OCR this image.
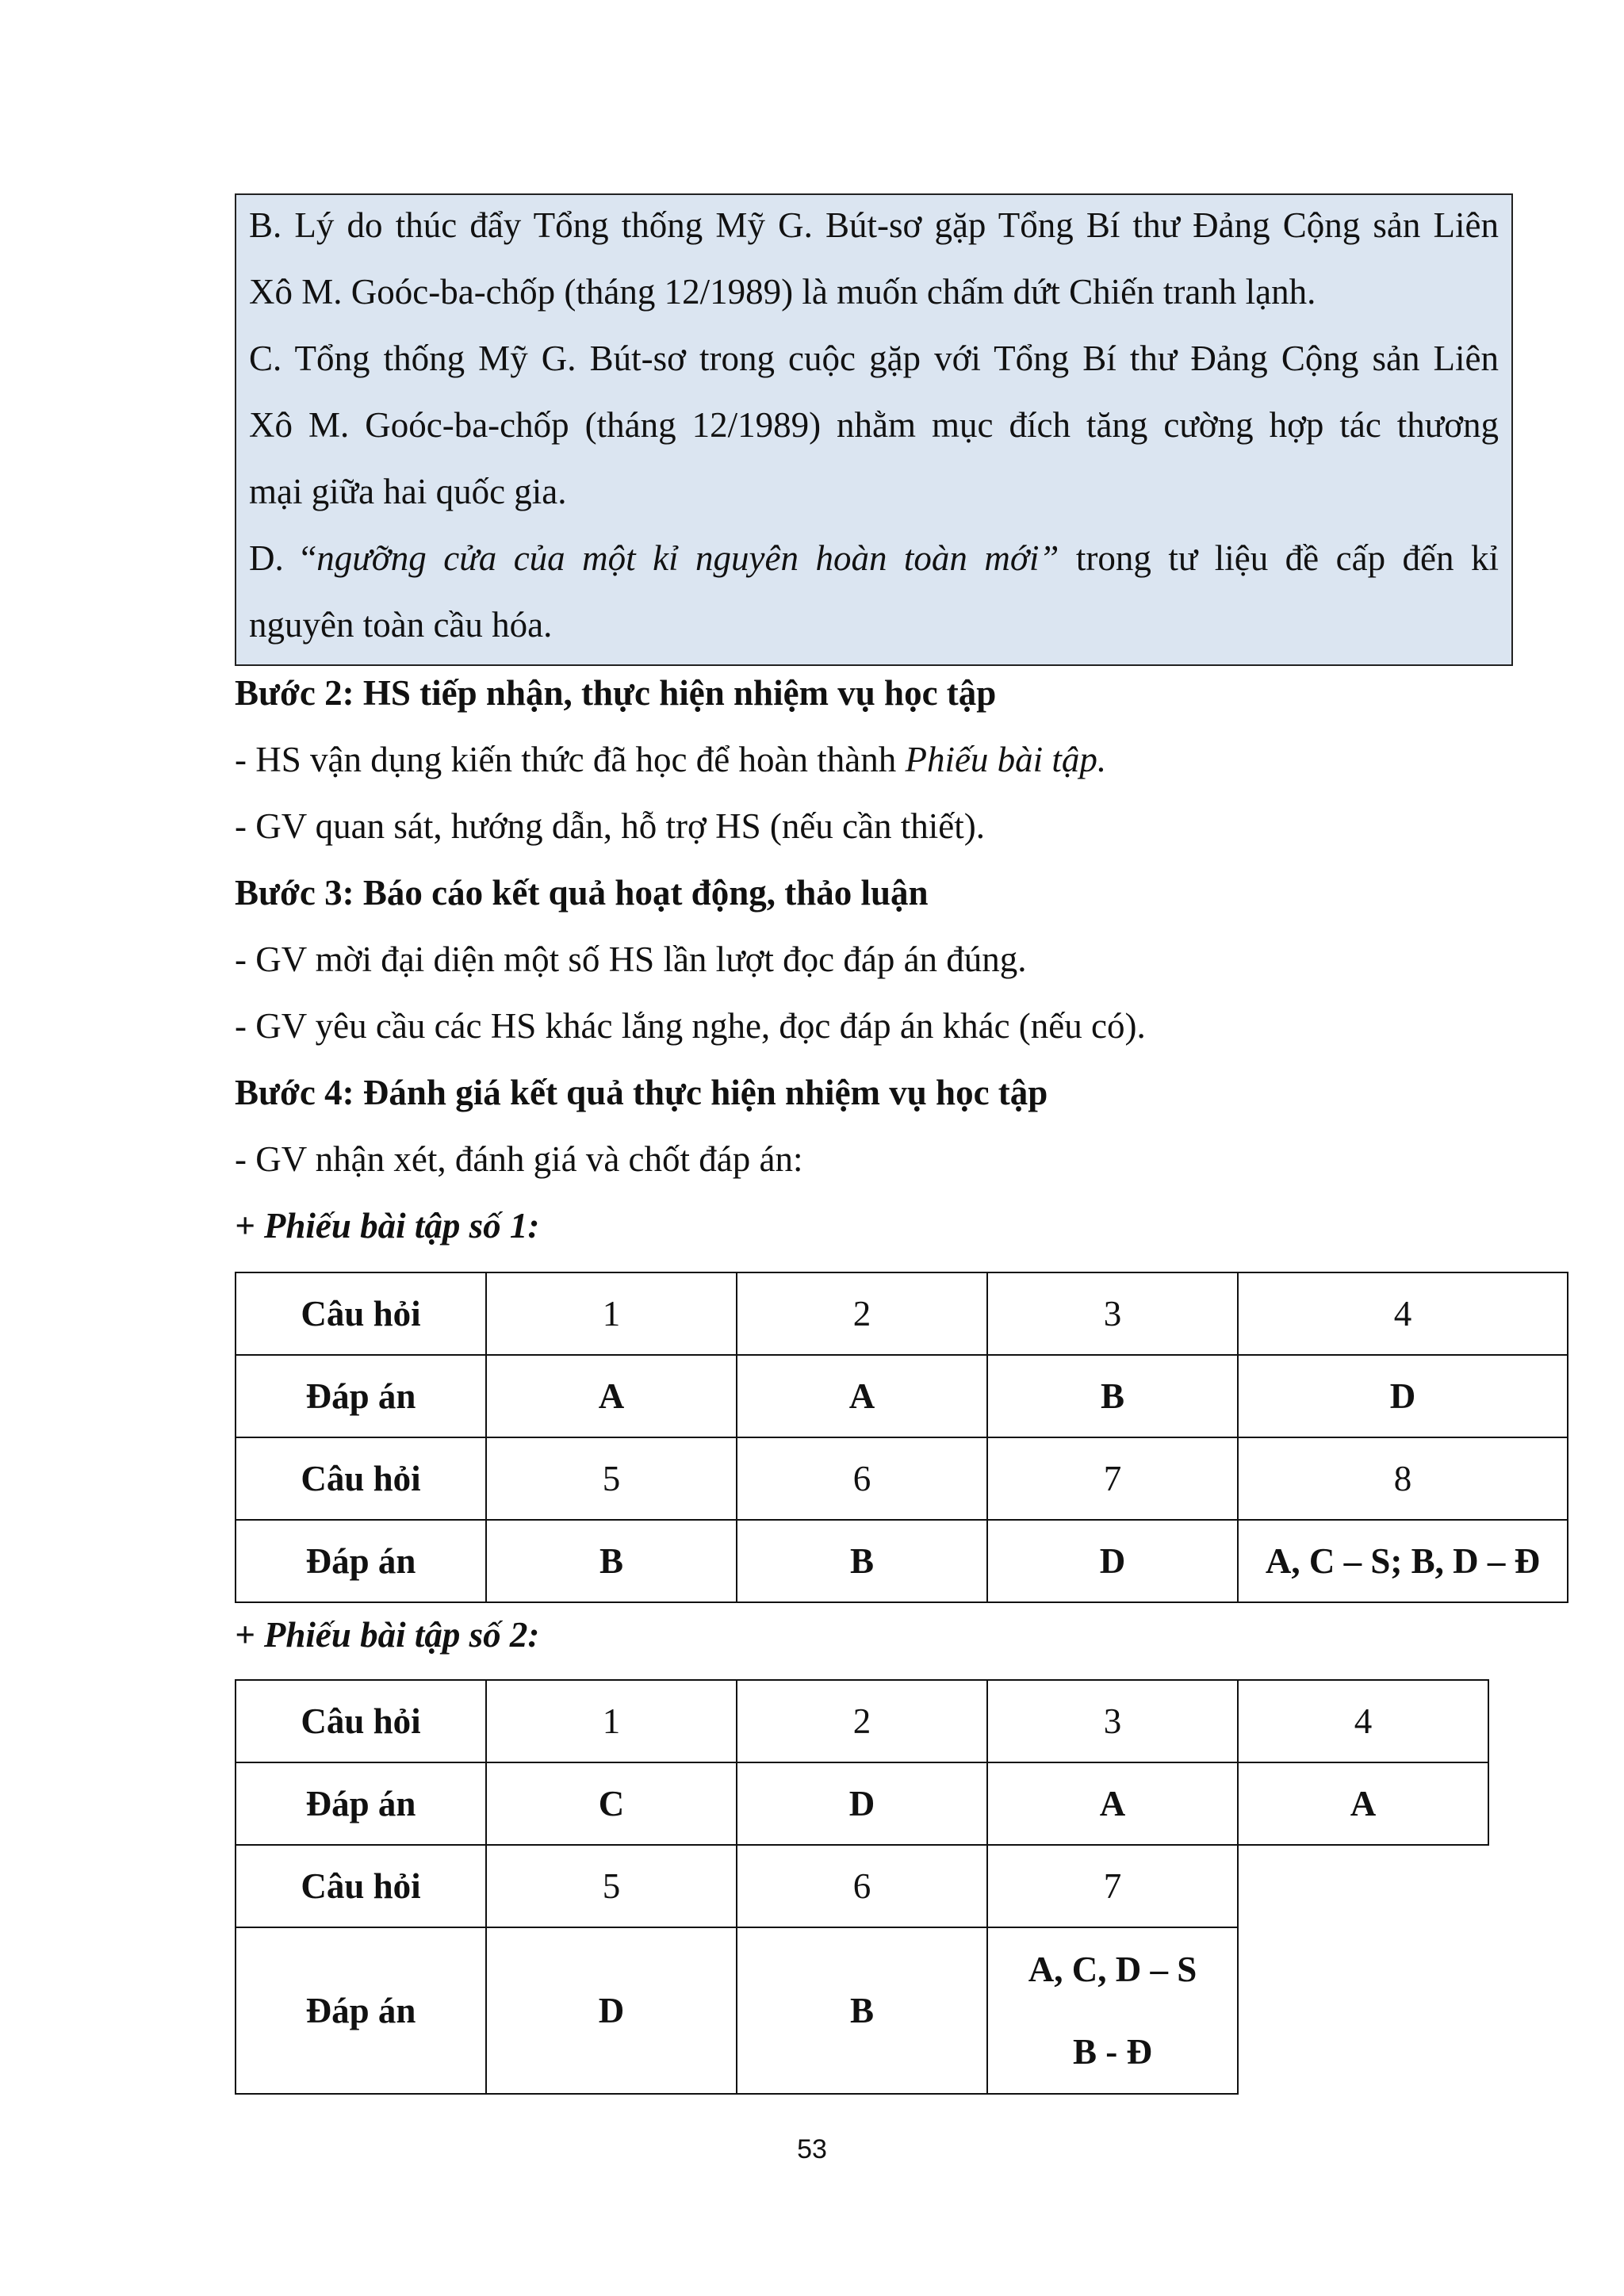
B. Lý do thúc đẩy Tổng thống Mỹ G. Bút-sơ gặp Tổng Bí thư Đảng Cộng sản Liên
Xô M. Goóc-ba-chốp (tháng 12/1989) là muốn chấm dứt Chiến tranh lạnh.
C. Tổng thống Mỹ G. Bút-sơ trong cuộc gặp với Tổng Bí thư Đảng Cộng sản Liên
Xô M. Goóc-ba-chốp (tháng 12/1989) nhằm mục đích tăng cường hợp tác thương
mại giữa hai quốc gia.
D. “ngưỡng cửa của một kỉ nguyên hoàn toàn mới” trong tư liệu đề cấp đến kỉ
nguyên toàn cầu hóa.
Bước 2: HS tiếp nhận, thực hiện nhiệm vụ học tập
- HS vận dụng kiến thức đã học để hoàn thành Phiếu bài tập.
- GV quan sát, hướng dẫn, hỗ trợ HS (nếu cần thiết).
Bước 3: Báo cáo kết quả hoạt động, thảo luận
- GV mời đại diện một số HS lần lượt đọc đáp án đúng.
- GV yêu cầu các HS khác lắng nghe, đọc đáp án khác (nếu có).
Bước 4: Đánh giá kết quả thực hiện nhiệm vụ học tập
- GV nhận xét, đánh giá và chốt đáp án:
+ Phiếu bài tập số 1:
Câu hỏi	1	2	3	4
Đáp án	A	A	B	D
Câu hỏi	5	6	7	8
Đáp án	B	B	D	A, C – S; B, D – Đ
+ Phiếu bài tập số 2:
Câu hỏi	1	2	3	4
Đáp án	C	D	A	A
Câu hỏi	5	6	7	
Đáp án	D	B	A, C, D – S
B - Đ	

53
